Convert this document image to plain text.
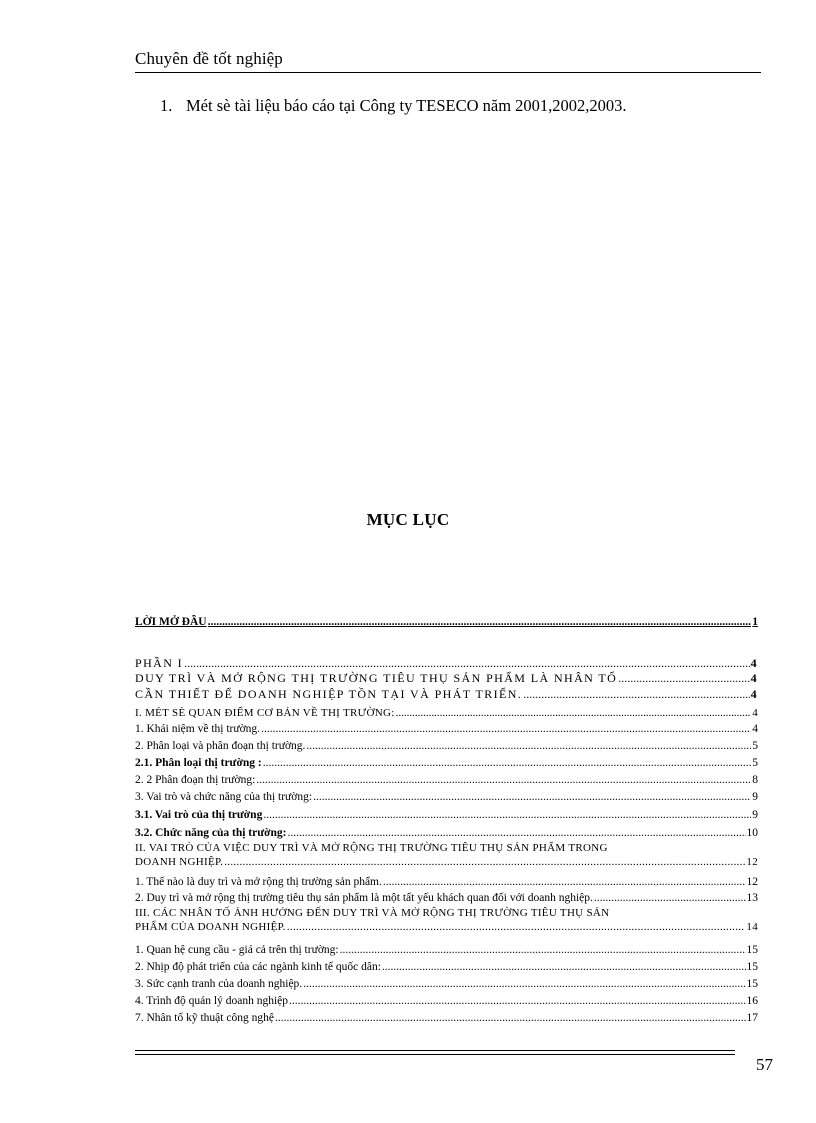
Chuyên đề tốt nghiệp
1. Mét sè tài liệu báo cáo tại Công ty TESECO năm 2001,2002,2003.
MỤC LỤC
LỜI MỞ ĐẦU .....	1
PHẦN I .....	4
DUY TRÌ VÀ MỞ RỘNG THỊ TRƯỜNG TIÊU THỤ SẢN PHẨM LÀ NHÂN TỐ .....	4
CẦN THIẾT ĐỂ DOANH NGHIỆP TỒN TẠI VÀ PHÁT TRIỂN. .....	4
I. MÉT SÈ QUAN ĐIỂM CƠ BẢN VỀ THỊ TRƯỜNG: .....	4
1. Khái niệm về thị trường. .....	4
2. Phân loại và phân đoạn thị trường. .....	5
2.1. Phân loại thị trường : .....	5
2. 2 Phân đoạn thị trường: .....	8
3. Vai trò và chức năng của thị trường: .....	9
3.1. Vai trò của thị trường .....	9
3.2. Chức năng của thị trường: .....	10
II. VAI TRÒ CỦA VIỆC DUY TRÌ VÀ MỞ RỘNG THỊ TRƯỜNG TIÊU THỤ SẢN PHẨM TRONG
DOANH NGHIỆP. .....	12
1. Thế nào là duy trì và mở rộng thị trường sản phẩm. .....	12
2. Duy trì và mở rộng thị trường tiêu thụ sản phẩm là một tất yếu khách quan đối với doanh nghiệp. .....	13
III. CÁC NHÂN TỐ ẢNH HƯỞNG ĐẾN DUY TRÌ VÀ MỞ RỘNG THỊ TRƯỜNG TIÊU THỤ SẢN
PHẨM CỦA DOANH NGHIỆP. .....	14
1. Quan hệ cung cầu - giá cả trên thị trường: .....	15
2. Nhịp độ phát triển của các ngành kinh tế quốc dân: .....	15
3. Sức cạnh tranh của doanh nghiệp. .....	15
4. Trình độ quản lý doanh nghiệp .....	16
7. Nhân tố kỹ thuật công nghệ .....	17
57
